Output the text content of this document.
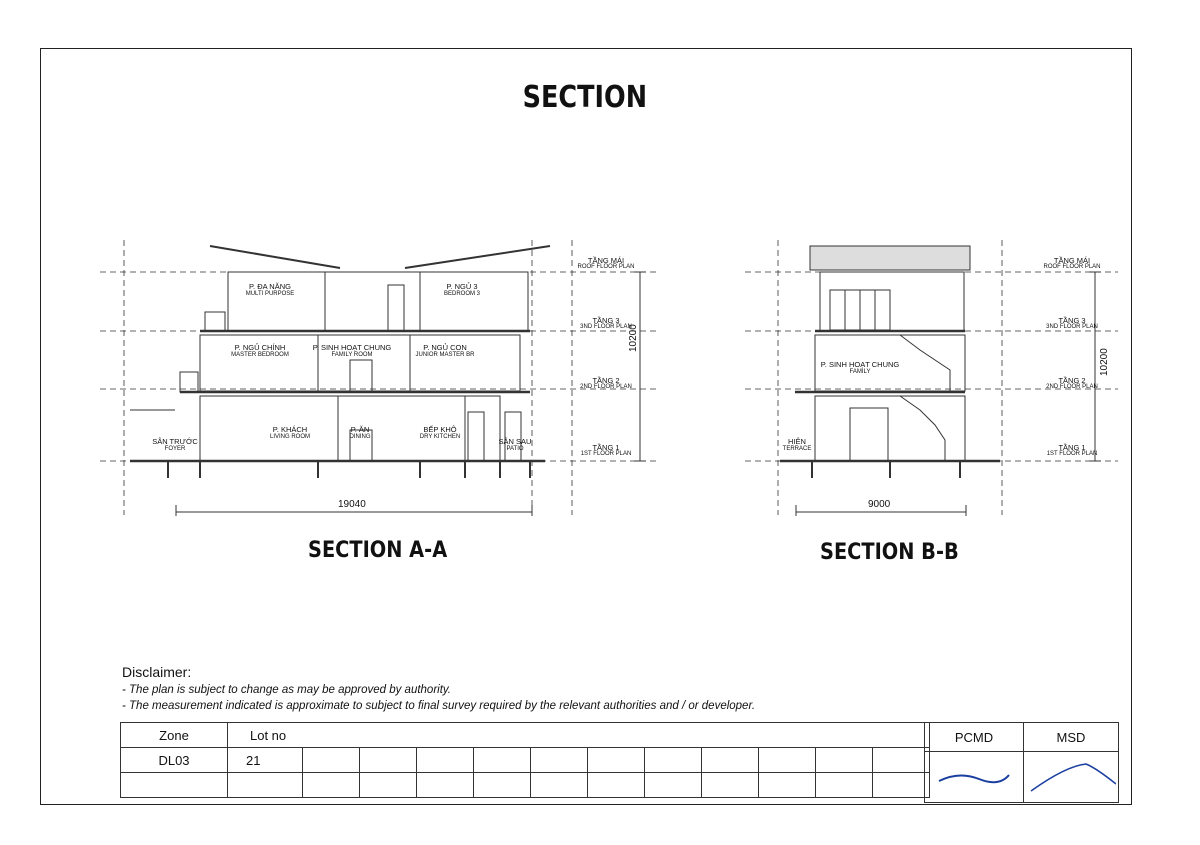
SECTION
P. ĐA NĂNG
MULTI PURPOSE
P. NGỦ 3
BEDROOM 3
P. NGỦ CHÍNH
MASTER BEDROOM
P. SINH HOẠT CHUNG
FAMILY ROOM
P. NGỦ CON
JUNIOR MASTER BR
P. KHÁCH
LIVING ROOM
P. ĂN
DINING
BẾP KHÔ
DRY KITCHEN
SÂN TRƯỚC
FOYER
SÂN SAU
PATIO
P. SINH HOẠT CHUNG
FAMILY
HIÊN
TERRACE
TẦNG MÁI
ROOF FLOOR PLAN
TẦNG 3
3ND FLOOR PLAN
TẦNG 2
2ND FLOOR PLAN
TẦNG 1
1ST FLOOR PLAN
TẦNG MÁI
ROOF FLOOR PLAN
TẦNG 3
3ND FLOOR PLAN
TẦNG 2
2ND FLOOR PLAN
TẦNG 1
1ST FLOOR PLAN
19040
10200
9000
10200
SECTION A-A	SECTION B-B
Disclaimer:
- The plan is subject to change as may be approved by authority.
- The measurement indicated is approximate to subject to final survey required by the relevant authorities and / or developer.
Zone	Lot no											
DL03	21											

PCMD	MSD
